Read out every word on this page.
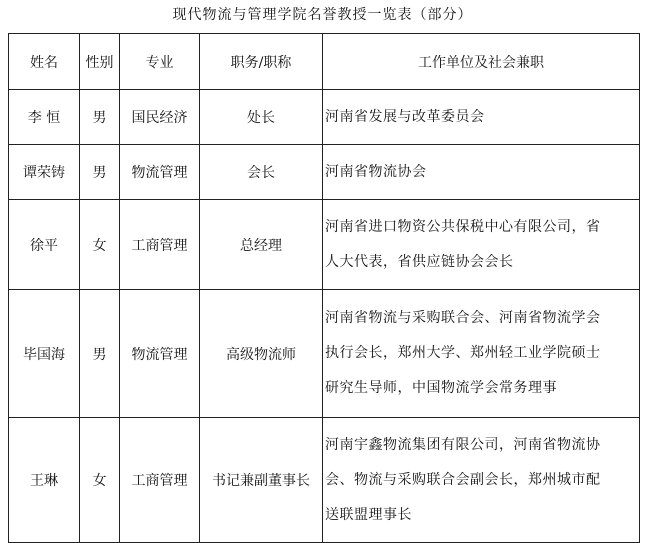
现代物流与管理学院名誉教授一览表（部分）
姓名	性别	专业	职务/职称	工作单位及社会兼职
李 恒	男	国民经济	处长	河南省发展与改革委员会

谭荣铸	男	物流管理	会长	河南省物流协会

徐平	女	工商管理	总经理	河南省进口物资公共保税中心有限公司，省
人大代表，省供应链协会会长

毕国海	男	物流管理	高级物流师	河南省物流与采购联合会、河南省物流学会
执行会长，郑州大学、郑州轻工业学院硕士
研究生导师，中国物流学会常务理事

王琳	女	工商管理	书记兼副董事长	河南宇鑫物流集团有限公司，河南省物流协
会、物流与采购联合会副会长，郑州城市配
送联盟理事长
